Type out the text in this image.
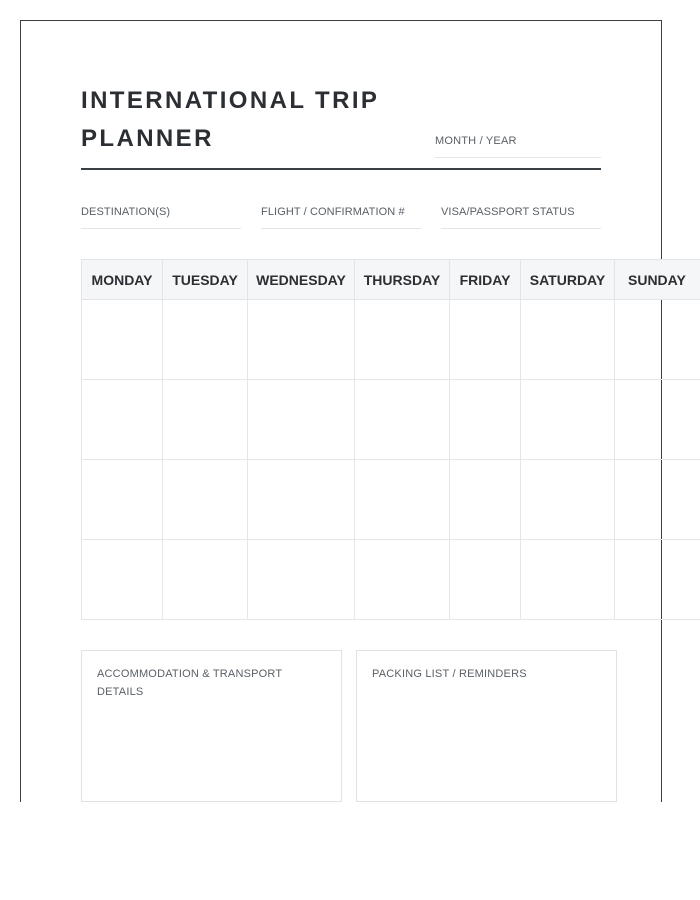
INTERNATIONAL TRIP PLANNER	MONTH / YEAR
DESTINATION(S)	FLIGHT / CONFIRMATION #	VISA/PASSPORT STATUS
MONDAY	TUESDAY	WEDNESDAY	THURSDAY	FRIDAY	SATURDAY	SUNDAY

ACCOMMODATION & TRANSPORT DETAILS
PACKING LIST / REMINDERS
